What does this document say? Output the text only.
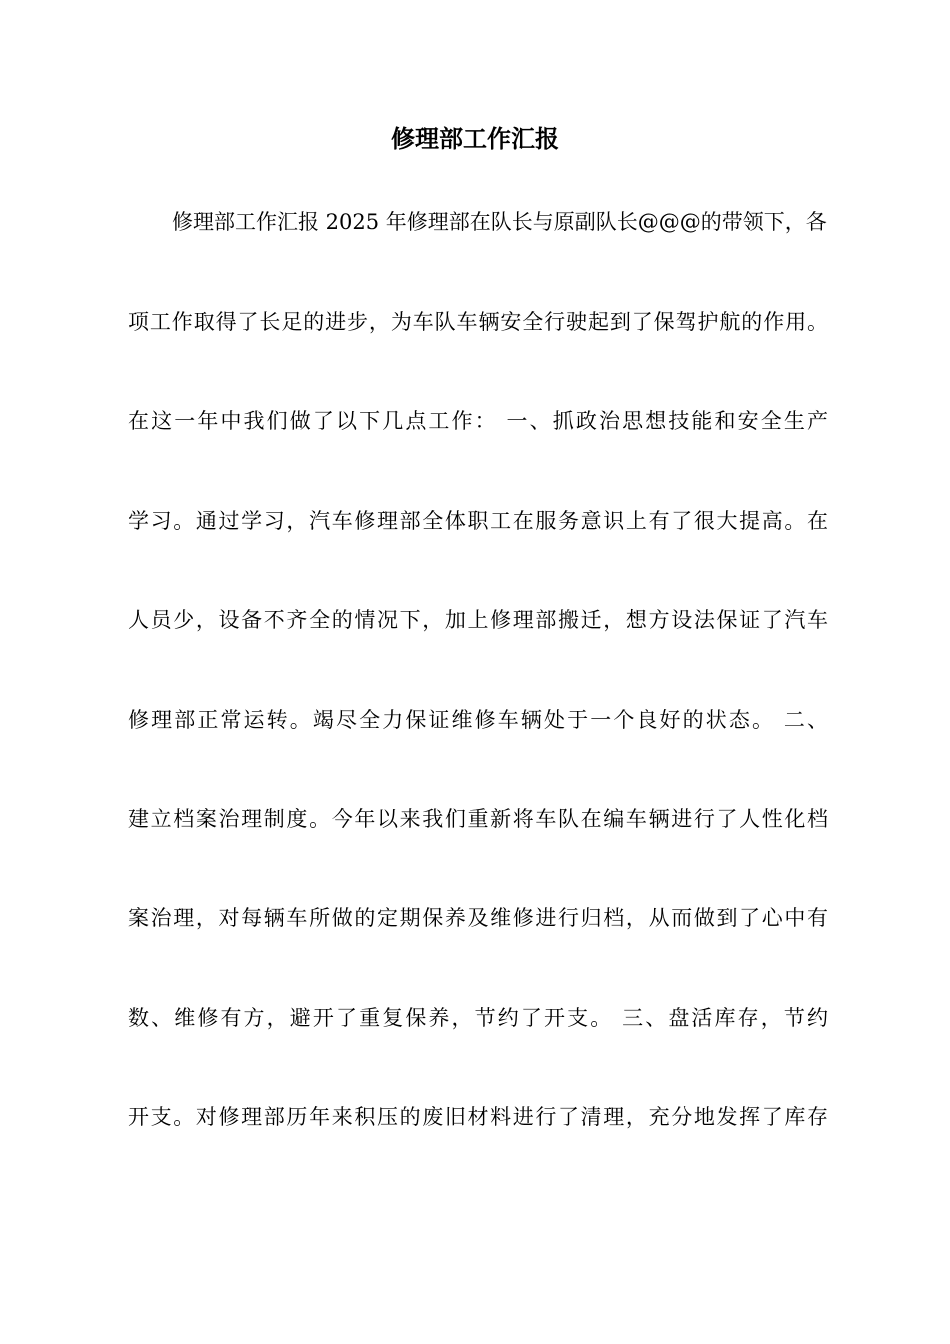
修理部工作汇报

修理部工作汇报 2025 年修理部在队长与原副队长@@@的带领下，各

项工作取得了长足的进步，为车队车辆安全行驶起到了保驾护航的作用。

在这一年中我们做了以下几点工作： 一、抓政治思想技能和安全生产

学习。通过学习，汽车修理部全体职工在服务意识上有了很大提高。在

人员少，设备不齐全的情况下，加上修理部搬迁，想方设法保证了汽车

修理部正常运转。竭尽全力保证维修车辆处于一个良好的状态。 二、

建立档案治理制度。今年以来我们重新将车队在编车辆进行了人性化档

案治理，对每辆车所做的定期保养及维修进行归档，从而做到了心中有

数、维修有方，避开了重复保养，节约了开支。 三、盘活库存，节约

开支。对修理部历年来积压的废旧材料进行了清理，充分地发挥了库存
